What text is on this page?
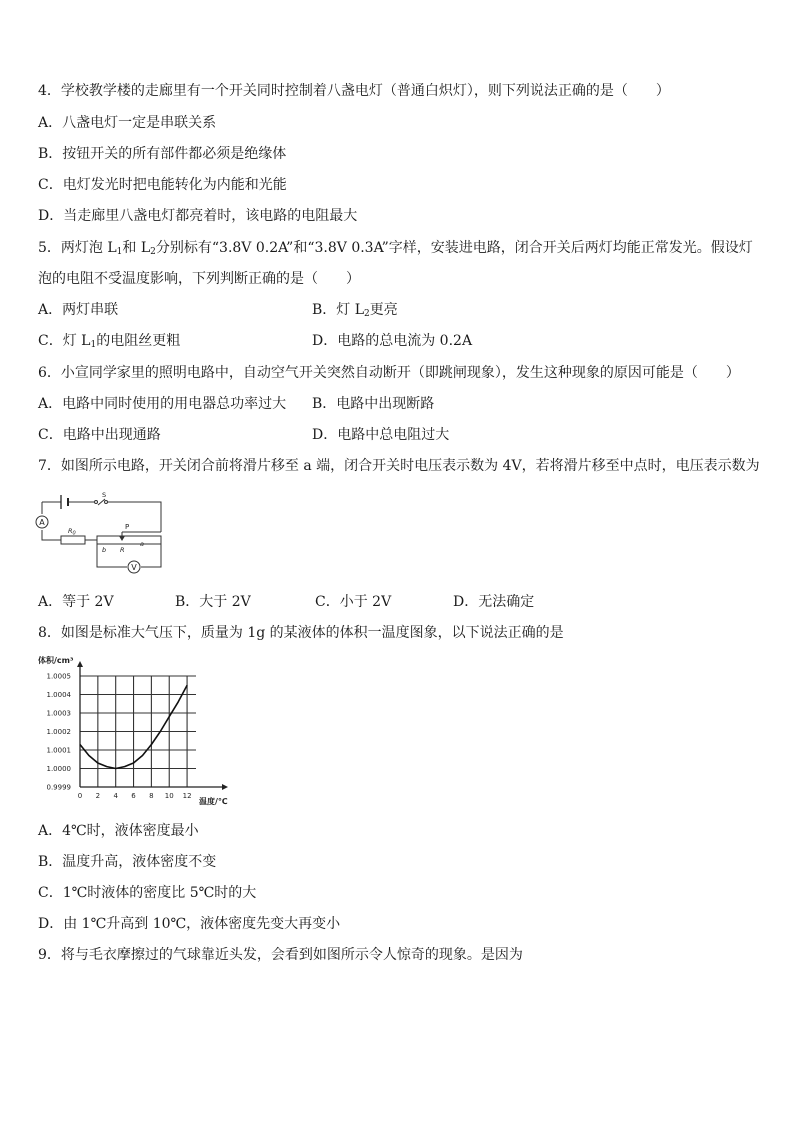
4．学校教学楼的走廊里有一个开关同时控制着八盏电灯（普通白炽灯），则下列说法正确的是（　　）
A．八盏电灯一定是串联关系
B．按钮开关的所有部件都必须是绝缘体
C．电灯发光时把电能转化为内能和光能
D．当走廊里八盏电灯都亮着时，该电路的电阻最大
5．两灯泡 $L_1$和 $L_2$分别标有“3.8V 0.2A”和“3.8V 0.3A”字样，安装进电路，闭合开关后两灯均能正常发光。假设灯
泡的电阻不受温度影响，下列判断正确的是（　　）
A．两灯串联	B．灯 $L_2$更亮
C．灯 $L_1$的电阻丝更粗	D．电路的总电流为 0.2A
6．小宣同学家里的照明电路中，自动空气开关突然自动断开（即跳闸现象），发生这种现象的原因可能是（　　）
A．电路中同时使用的用电器总功率过大 B．电路中出现断路
C．电路中出现通路	D．电路中总电阻过大
7．如图所示电路，开关闭合前将滑片移至 a 端，闭合开关时电压表示数为 4V，若将滑片移至中点时，电压表示数为
A
$R_0$
P
R
b
a
V
S
A．等于 2V	B．大于 2V	C．小于 2V	D．无法确定
8．如图是标准大气压下，质量为 1g 的某液体的体积一温度图象，以下说法正确的是
体积/cm³
温度/℃
0 2 4 6 8 10 12
0.9999
1.0000
1.0001
1.0002
1.0003
1.0004
1.0005
A．4℃时，液体密度最小
B．温度升高，液体密度不变
C．1℃时液体的密度比 5℃时的大
D．由 1℃升高到 10℃，液体密度先变大再变小
9．将与毛衣摩擦过的气球靠近头发，会看到如图所示令人惊奇的现象。是因为
